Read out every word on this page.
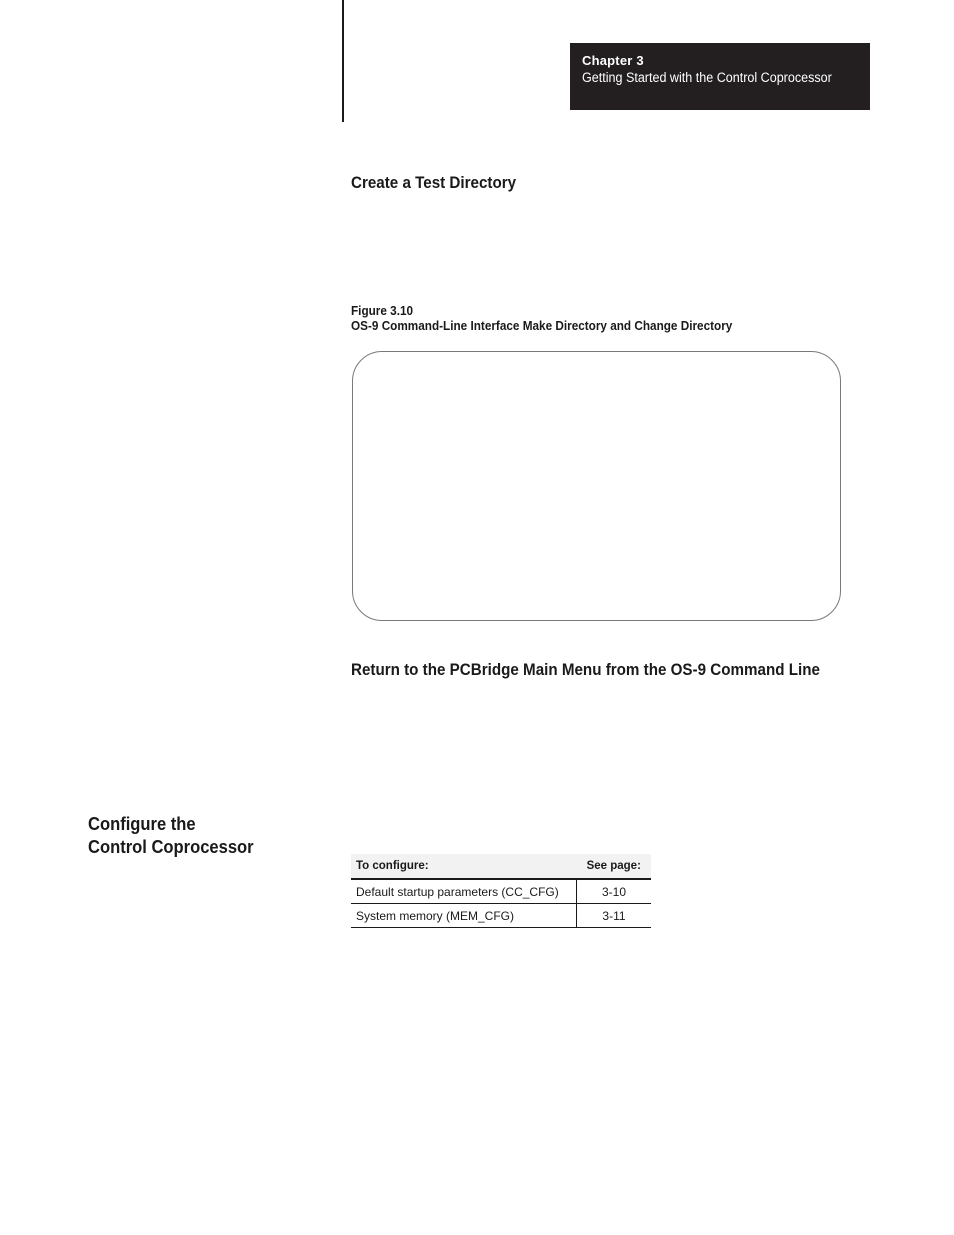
Chapter 3
Getting Started with the Control Coprocessor
Create a Test Directory
Figure 3.10
OS-9 Command-Line Interface Make Directory and Change Directory
Return to the PCBridge Main Menu from the OS-9 Command Line
Configure the
Control Coprocessor
To configure:	See page:
Default startup parameters (CC_CFG)	3-10
System memory (MEM_CFG)	3-11
